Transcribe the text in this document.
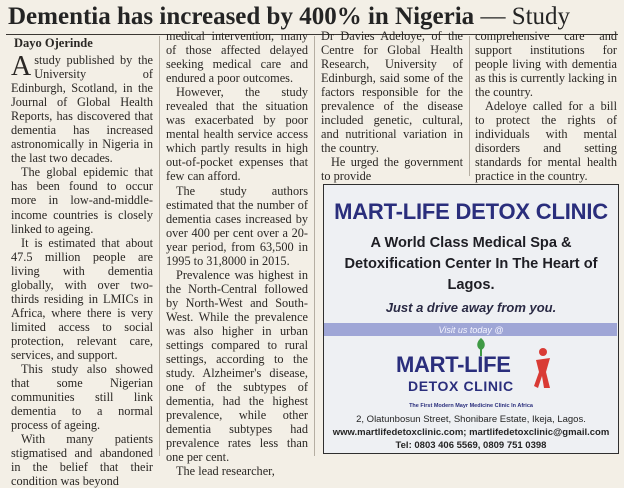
Dementia has increased by 400% in Nigeria — Study
Dayo Ojerinde

A study published by the University of Edinburgh, Scotland, in the Journal of Global Health Reports, has discovered that dementia has increased astronomically in Nigeria in the last two decades.

The global epidemic that has been found to occur more in low-and-middle-income countries is closely linked to ageing.

It is estimated that about 47.5 million people are living with dementia globally, with over two-thirds residing in LMICs in Africa, where there is very limited access to social protection, relevant care, services, and support.

This study also showed that some Nigerian communities still link dementia to a normal process of ageing.

With many patients stigmatised and abandoned in the belief that their condition was beyond

medical intervention, many of those affected delayed seeking medical care and endured a poor outcomes.

However, the study revealed that the situation was exacerbated by poor mental health service access which partly results in high out-of-pocket expenses that few can afford.

The study authors estimated that the number of dementia cases increased by over 400 per cent over a 20-year period, from 63,500 in 1995 to 31,8000 in 2015.

Prevalence was highest in the North-Central followed by North-West and South-West. While the prevalence was also higher in urban settings compared to rural settings, according to the study. Alzheimer's disease, one of the subtypes of dementia, had the highest prevalence, while other dementia subtypes had prevalence rates less than one per cent.

The lead researcher,

Dr Davies Adeloye, of the Centre for Global Health Research, University of Edinburgh, said some of the factors responsible for the prevalence of the disease included genetic, cultural, and nutritional variation in the country.

He urged the government to provide

comprehensive care and support institutions for people living with dementia as this is currently lacking in the country.

Adeloye called for a bill to protect the rights of individuals with mental disorders and setting standards for mental health practice in the country.

MART-LIFE DETOX CLINIC
A World Class Medical Spa & Detoxification Center In The Heart of Lagos.
Just a drive away from you.
Visit us today @
MART-LIFE
DETOX CLINIC
The First Modern Mayr Medicine Clinic In Africa
2, Olatunbosun Street, Shonibare Estate, Ikeja, Lagos.
www.martlifedetoxclinic.com; martlifedetoxclinic@gmail.com
Tel: 0803 406 5569, 0809 751 0398
